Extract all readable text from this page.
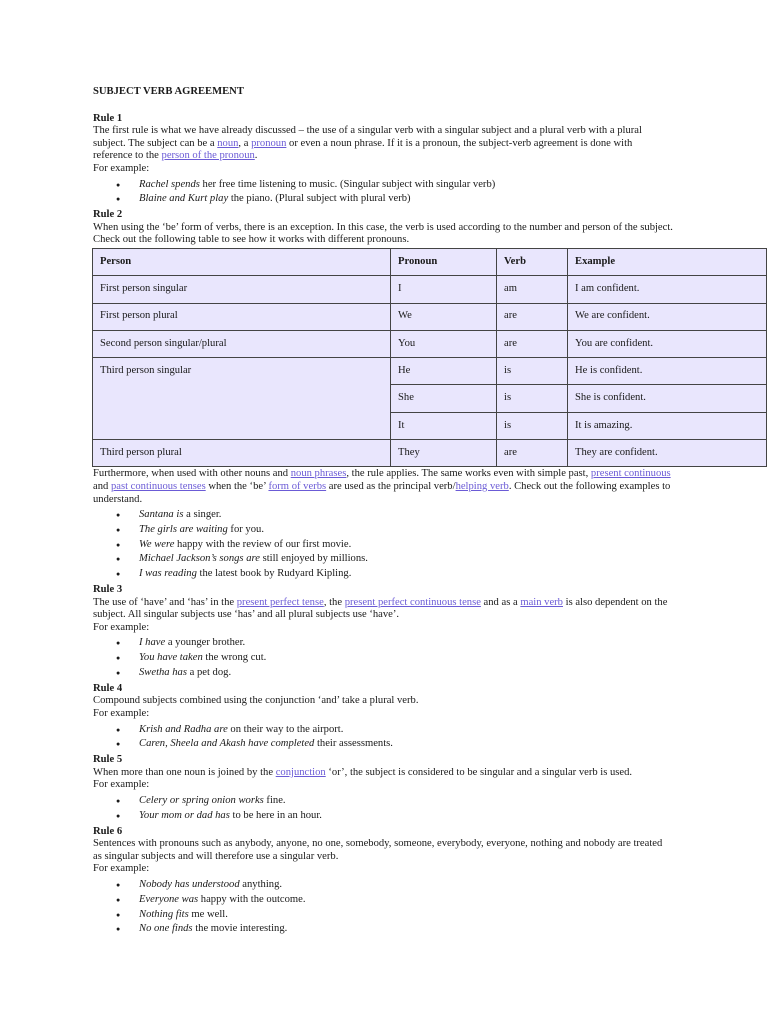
SUBJECT VERB AGREEMENT
Rule 1

The first rule is what we have already discussed – the use of a singular verb with a singular subject and a plural verb with a plural subject. The subject can be a noun, a pronoun or even a noun phrase. If it is a pronoun, the subject-verb agreement is done with reference to the person of the pronoun.

For example:

● Rachel spends her free time listening to music. (Singular subject with singular verb)
● Blaine and Kurt play the piano. (Plural subject with plural verb)
Rule 2

When using the ‘be’ form of verbs, there is an exception. In this case, the verb is used according to the number and person of the subject. Check out the following table to see how it works with different pronouns.

Person	Pronoun	Verb	Example
First person singular	I	am	I am confident.
First person plural	We	are	We are confident.
Second person singular/plural	You	are	You are confident.
Third person singular	He	is	He is confident.
	She	is	She is confident.
	It	is	It is amazing.
Third person plural	They	are	They are confident.

Furthermore, when used with other nouns and noun phrases, the rule applies. The same works even with simple past, present continuous and past continuous tenses when the ‘be’ form of verbs are used as the principal verb/helping verb. Check out the following examples to understand.

● Santana is a singer.
● The girls are waiting for you.
● We were happy with the review of our first movie.
● Michael Jackson’s songs are still enjoyed by millions.
● I was reading the latest book by Rudyard Kipling.
Rule 3

The use of ‘have’ and ‘has’ in the present perfect tense, the present perfect continuous tense and as a main verb is also dependent on the subject. All singular subjects use ‘has’ and all plural subjects use ‘have’.

For example:

● I have a younger brother.
● You have taken the wrong cut.
● Swetha has a pet dog.
Rule 4

Compound subjects combined using the conjunction ‘and’ take a plural verb.

For example:

● Krish and Radha are on their way to the airport.
● Caren, Sheela and Akash have completed their assessments.
Rule 5

When more than one noun is joined by the conjunction ‘or’, the subject is considered to be singular and a singular verb is used.

For example:

● Celery or spring onion works fine.
● Your mom or dad has to be here in an hour.
Rule 6

Sentences with pronouns such as anybody, anyone, no one, somebody, someone, everybody, everyone, nothing and nobody are treated as singular subjects and will therefore use a singular verb.

For example:

● Nobody has understood anything.
● Everyone was happy with the outcome.
● Nothing fits me well.
● No one finds the movie interesting.
